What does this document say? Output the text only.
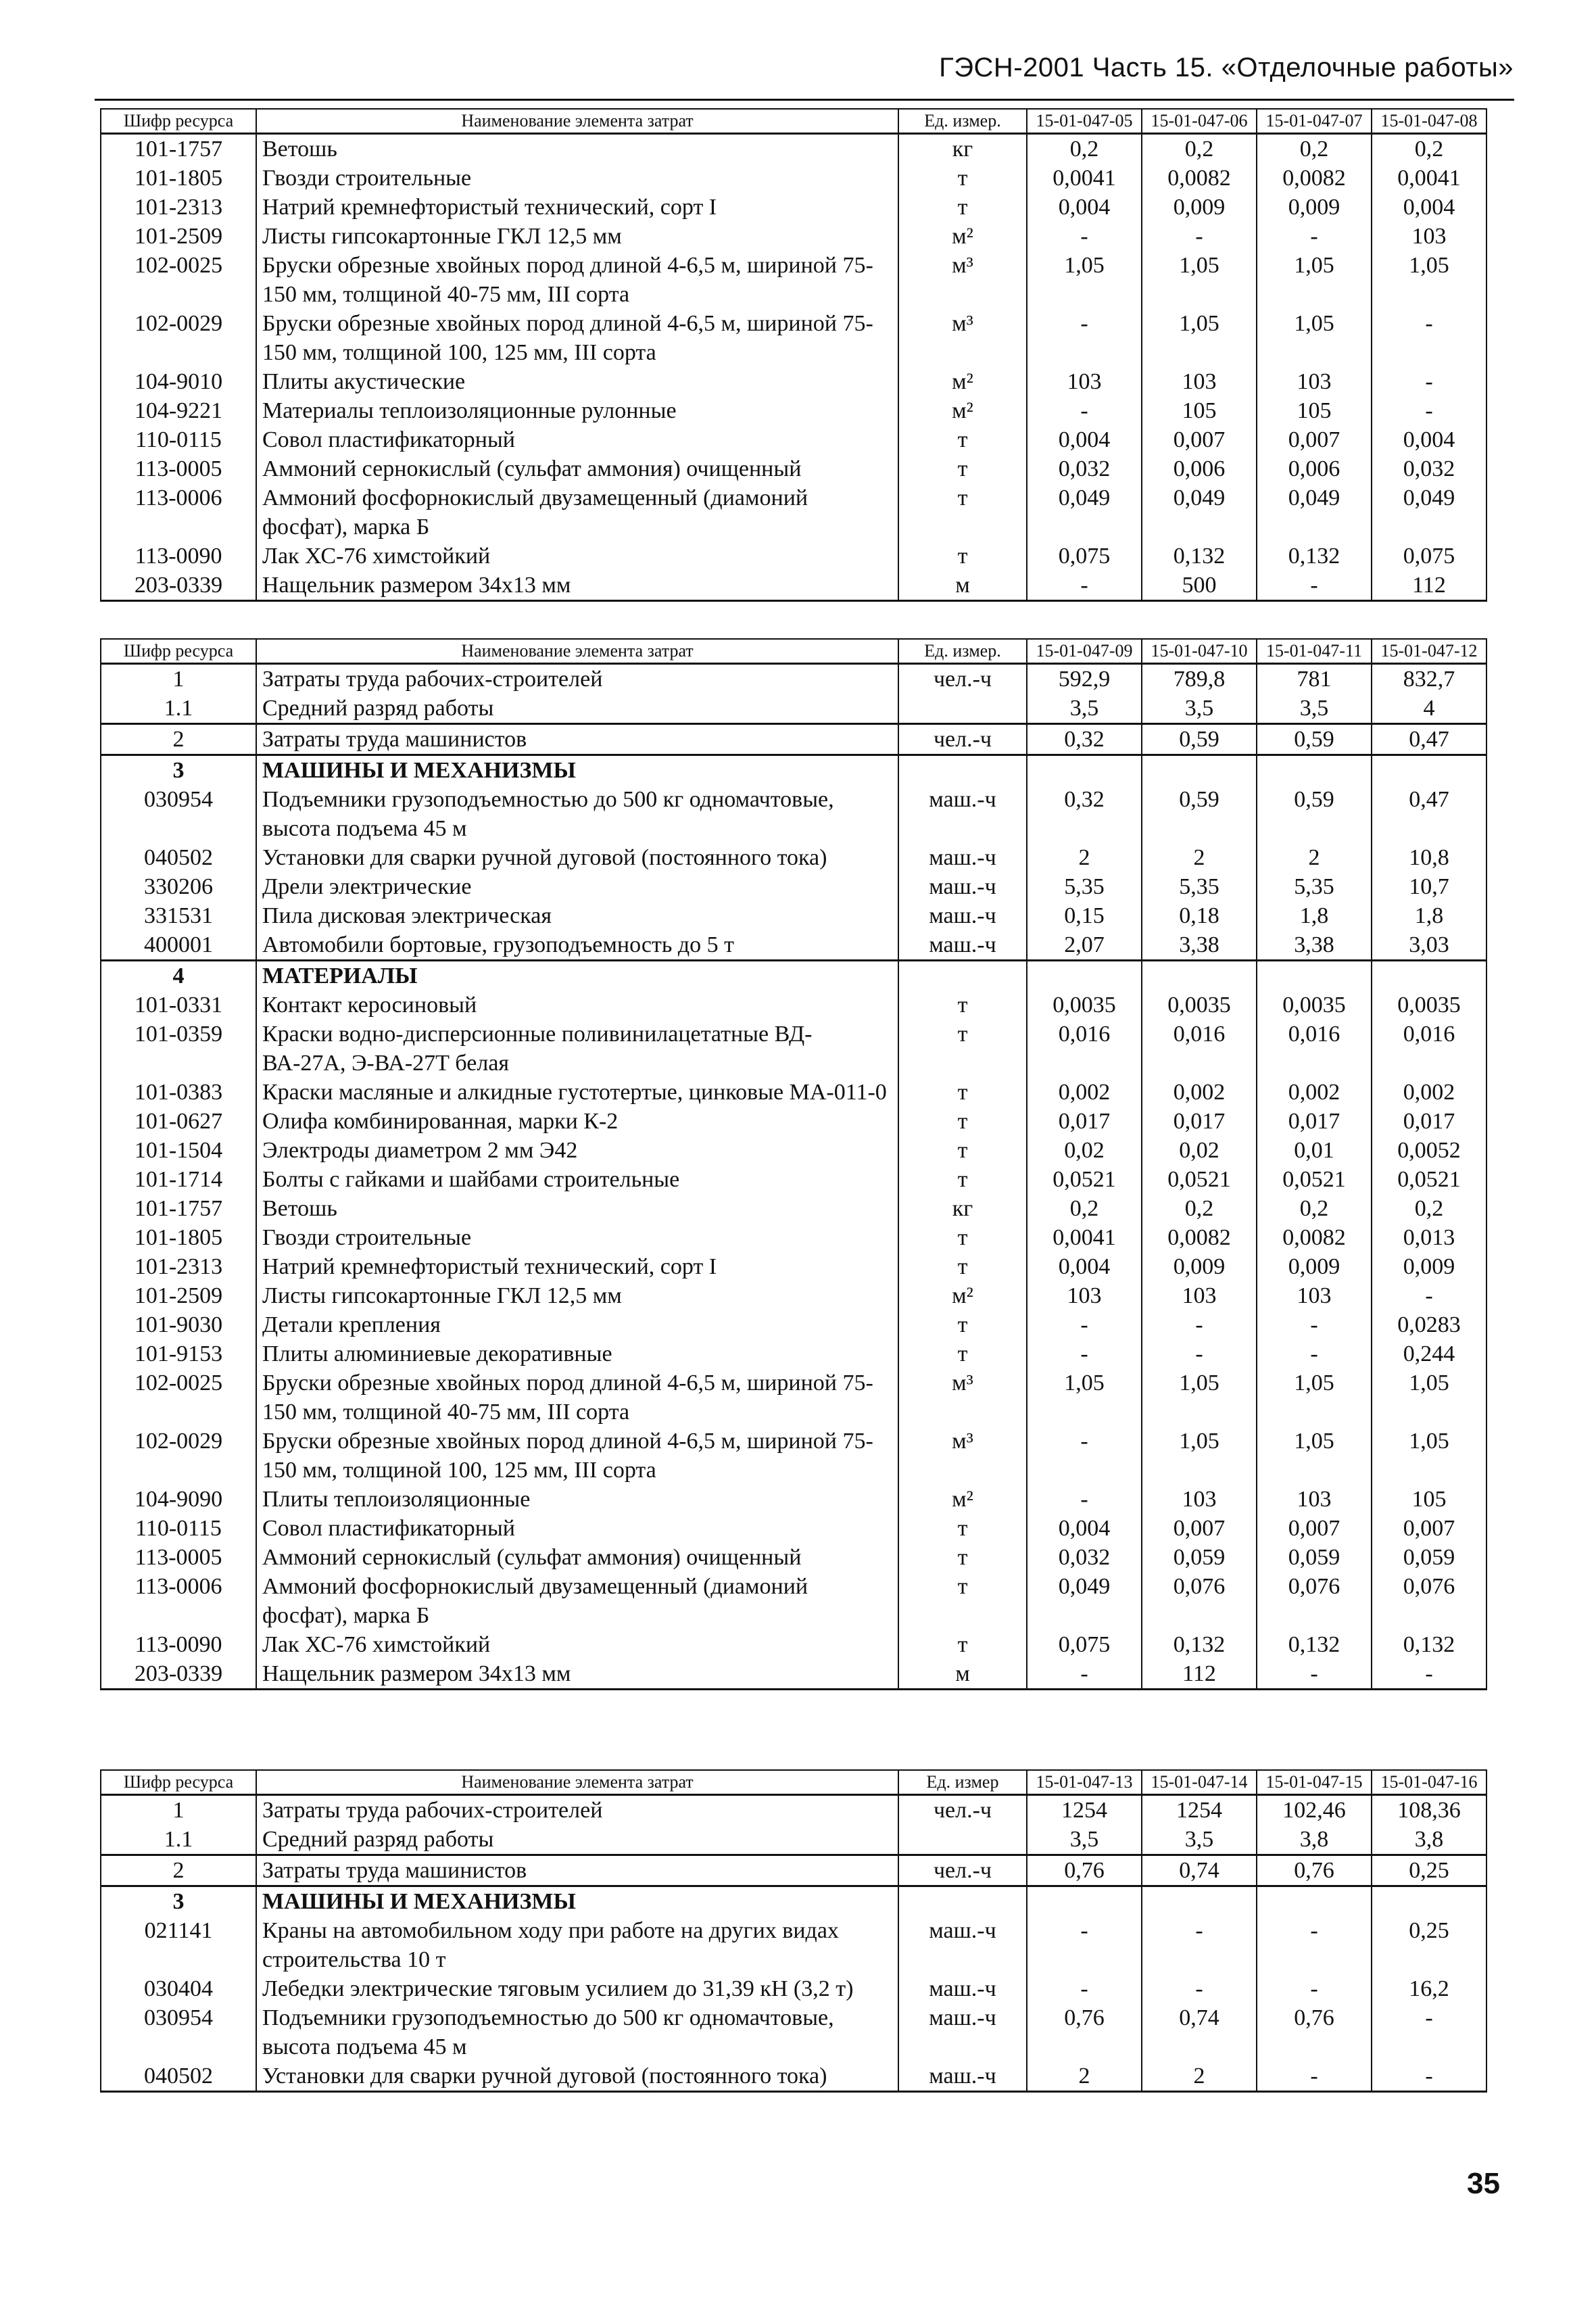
ГЭСН-2001 Часть 15. «Отделочные работы»
Шифр ресурса	Наименование элемента затрат	Ед. измер.	15-01-047-05	15-01-047-06	15-01-047-07	15-01-047-08
101-1757	Ветошь	кг	0,2	0,2	0,2	0,2
101-1805	Гвозди строительные	т	0,0041	0,0082	0,0082	0,0041
101-2313	Натрий кремнефтористый технический, сорт I	т	0,004	0,009	0,009	0,004
101-2509	Листы гипсокартонные ГКЛ 12,5 мм	м²	-	-	-	103
102-0025	Бруски обрезные хвойных пород длиной 4-6,5 м, шириной 75-150 мм, толщиной 40-75 мм, III сорта	м³	1,05	1,05	1,05	1,05
102-0029	Бруски обрезные хвойных пород длиной 4-6,5 м, шириной 75-150 мм, толщиной 100, 125 мм, III сорта	м³	-	1,05	1,05	-
104-9010	Плиты акустические	м²	103	103	103	-
104-9221	Материалы теплоизоляционные рулонные	м²	-	105	105	-
110-0115	Совол пластификаторный	т	0,004	0,007	0,007	0,004
113-0005	Аммоний сернокислый (сульфат аммония) очищенный	т	0,032	0,006	0,006	0,032
113-0006	Аммоний фосфорнокислый двузамещенный (диамоний фосфат), марка Б	т	0,049	0,049	0,049	0,049
113-0090	Лак ХС-76 химстойкий	т	0,075	0,132	0,132	0,075
203-0339	Нащельник размером 34х13 мм	м	-	500	-	112
Шифр ресурса	Наименование элемента затрат	Ед. измер.	15-01-047-09	15-01-047-10	15-01-047-11	15-01-047-12
1	Затраты труда рабочих-строителей	чел.-ч	592,9	789,8	781	832,7
1.1	Средний разряд работы		3,5	3,5	3,5	4
2	Затраты труда машинистов	чел.-ч	0,32	0,59	0,59	0,47
3	МАШИНЫ И МЕХАНИЗМЫ					
030954	Подъемники грузоподъемностью до 500 кг одномачтовые, высота подъема 45 м	маш.-ч	0,32	0,59	0,59	0,47
040502	Установки для сварки ручной дуговой (постоянного тока)	маш.-ч	2	2	2	10,8
330206	Дрели электрические	маш.-ч	5,35	5,35	5,35	10,7
331531	Пила дисковая электрическая	маш.-ч	0,15	0,18	1,8	1,8
400001	Автомобили бортовые, грузоподъемность до 5 т	маш.-ч	2,07	3,38	3,38	3,03
4	МАТЕРИАЛЫ					
101-0331	Контакт керосиновый	т	0,0035	0,0035	0,0035	0,0035
101-0359	Краски водно-дисперсионные поливинилацетатные ВД-ВА-27А, Э-ВА-27Т белая	т	0,016	0,016	0,016	0,016
101-0383	Краски масляные и алкидные густотертые, цинковые МА-011-0	т	0,002	0,002	0,002	0,002
101-0627	Олифа комбинированная, марки К-2	т	0,017	0,017	0,017	0,017
101-1504	Электроды диаметром 2 мм Э42	т	0,02	0,02	0,01	0,0052
101-1714	Болты с гайками и шайбами строительные	т	0,0521	0,0521	0,0521	0,0521
101-1757	Ветошь	кг	0,2	0,2	0,2	0,2
101-1805	Гвозди строительные	т	0,0041	0,0082	0,0082	0,013
101-2313	Натрий кремнефтористый технический, сорт I	т	0,004	0,009	0,009	0,009
101-2509	Листы гипсокартонные ГКЛ 12,5 мм	м²	103	103	103	-
101-9030	Детали крепления	т	-	-	-	0,0283
101-9153	Плиты алюминиевые декоративные	т	-	-	-	0,244
102-0025	Бруски обрезные хвойных пород длиной 4-6,5 м, шириной 75-150 мм, толщиной 40-75 мм, III сорта	м³	1,05	1,05	1,05	1,05
102-0029	Бруски обрезные хвойных пород длиной 4-6,5 м, шириной 75-150 мм, толщиной 100, 125 мм, III сорта	м³	-	1,05	1,05	1,05
104-9090	Плиты теплоизоляционные	м²	-	103	103	105
110-0115	Совол пластификаторный	т	0,004	0,007	0,007	0,007
113-0005	Аммоний сернокислый (сульфат аммония) очищенный	т	0,032	0,059	0,059	0,059
113-0006	Аммоний фосфорнокислый двузамещенный (диамоний фосфат), марка Б	т	0,049	0,076	0,076	0,076
113-0090	Лак ХС-76 химстойкий	т	0,075	0,132	0,132	0,132
203-0339	Нащельник размером 34х13 мм	м	-	112	-	-
Шифр ресурса	Наименование элемента затрат	Ед. измер	15-01-047-13	15-01-047-14	15-01-047-15	15-01-047-16
1	Затраты труда рабочих-строителей	чел.-ч	1254	1254	102,46	108,36
1.1	Средний разряд работы		3,5	3,5	3,8	3,8
2	Затраты труда машинистов	чел.-ч	0,76	0,74	0,76	0,25
3	МАШИНЫ И МЕХАНИЗМЫ					
021141	Краны на автомобильном ходу при работе на других видах строительства 10 т	маш.-ч	-	-	-	0,25
030404	Лебедки электрические тяговым усилием до 31,39 кН (3,2 т)	маш.-ч	-	-	-	16,2
030954	Подъемники грузоподъемностью до 500 кг одномачтовые, высота подъема 45 м	маш.-ч	0,76	0,74	0,76	-
040502	Установки для сварки ручной дуговой (постоянного тока)	маш.-ч	2	2	-	-
35
